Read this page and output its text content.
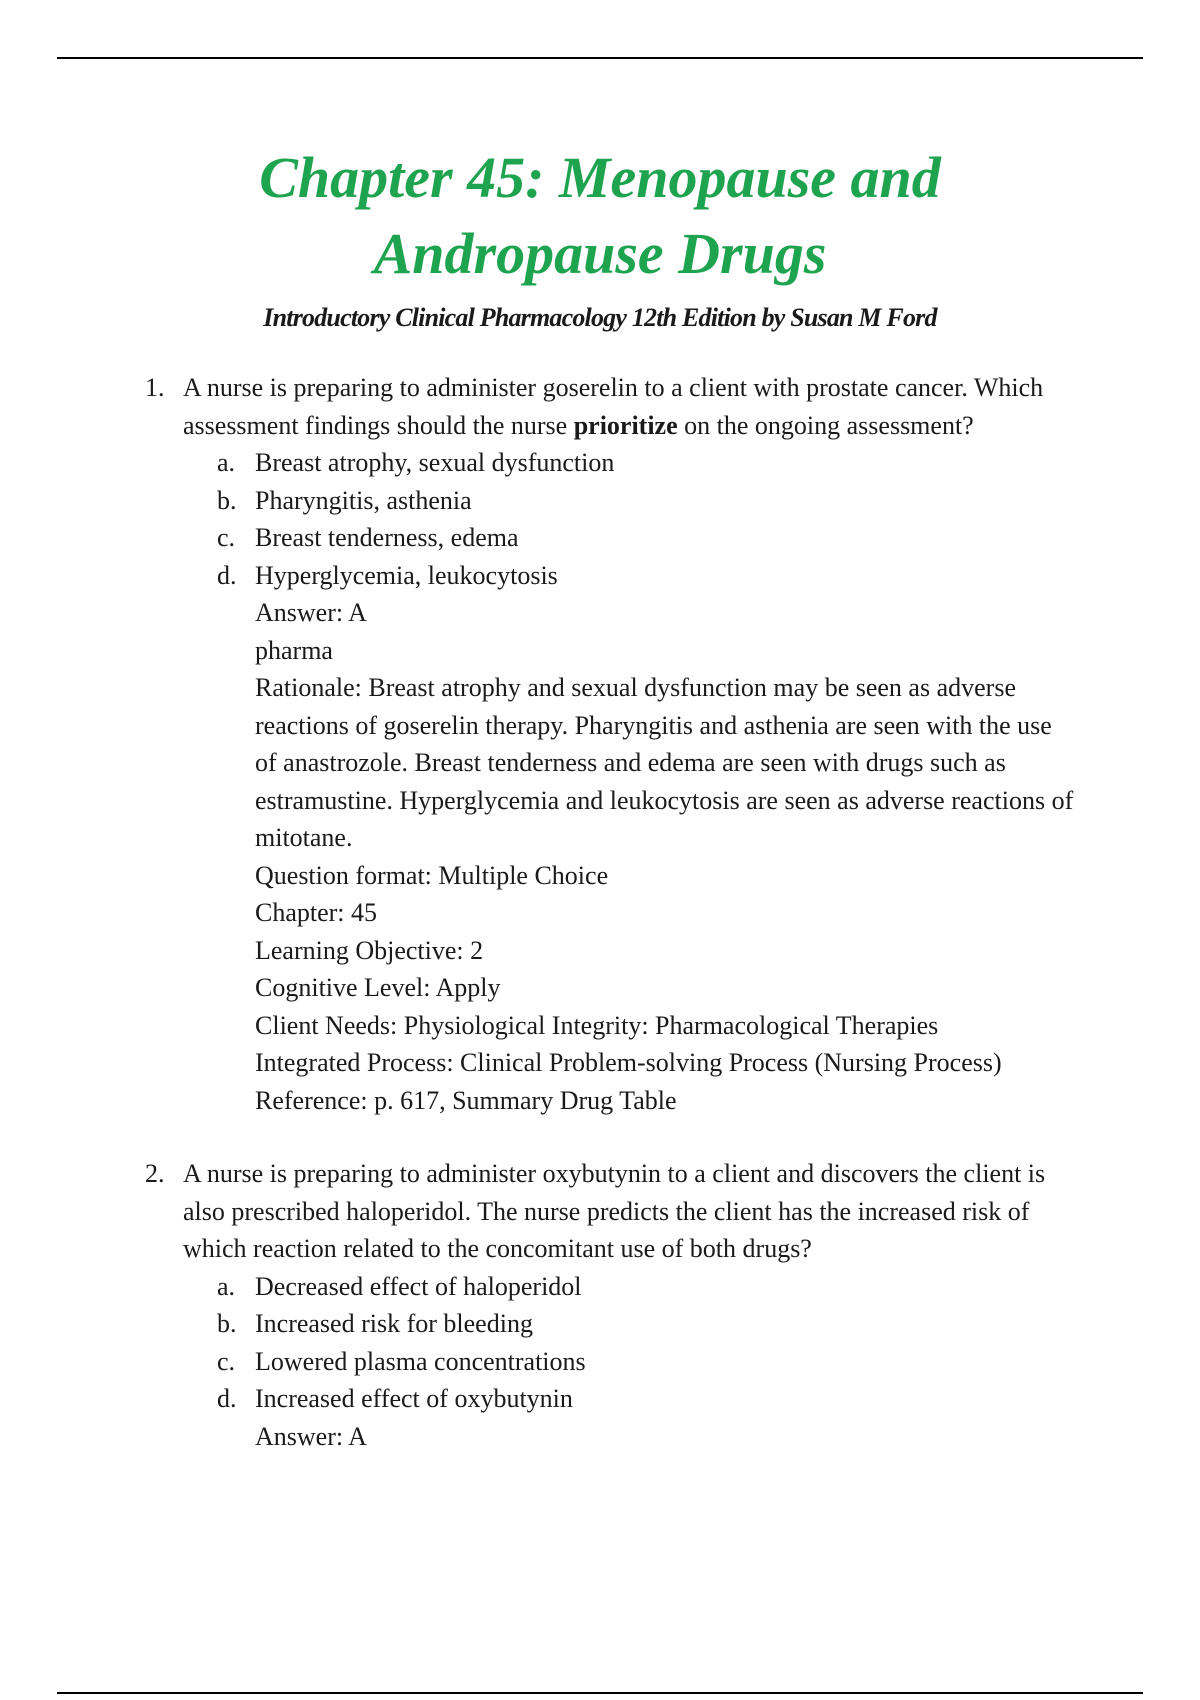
Chapter 45: Menopause and
Andropause Drugs

Introductory Clinical Pharmacology 12th Edition by Susan M Ford

1. A nurse is preparing to administer goserelin to a client with prostate cancer. Which assessment findings should the nurse prioritize on the ongoing assessment?
a. Breast atrophy, sexual dysfunction
b. Pharyngitis, asthenia
c. Breast tenderness, edema
d. Hyperglycemia, leukocytosis

Answer: A

pharma

Rationale: Breast atrophy and sexual dysfunction may be seen as adverse reactions of goserelin therapy. Pharyngitis and asthenia are seen with the use of anastrozole. Breast tenderness and edema are seen with drugs such as estramustine. Hyperglycemia and leukocytosis are seen as adverse reactions of mitotane.

Question format: Multiple Choice

Chapter: 45

Learning Objective: 2

Cognitive Level: Apply

Client Needs: Physiological Integrity: Pharmacological Therapies

Integrated Process: Clinical Problem-solving Process (Nursing Process) Reference: p. 617, Summary Drug Table

2. A nurse is preparing to administer oxybutynin to a client and discovers the client is also prescribed haloperidol. The nurse predicts the client has the increased risk of which reaction related to the concomitant use of both drugs?
a. Decreased effect of haloperidol
b. Increased risk for bleeding
c. Lowered plasma concentrations
d. Increased effect of oxybutynin

Answer: A
